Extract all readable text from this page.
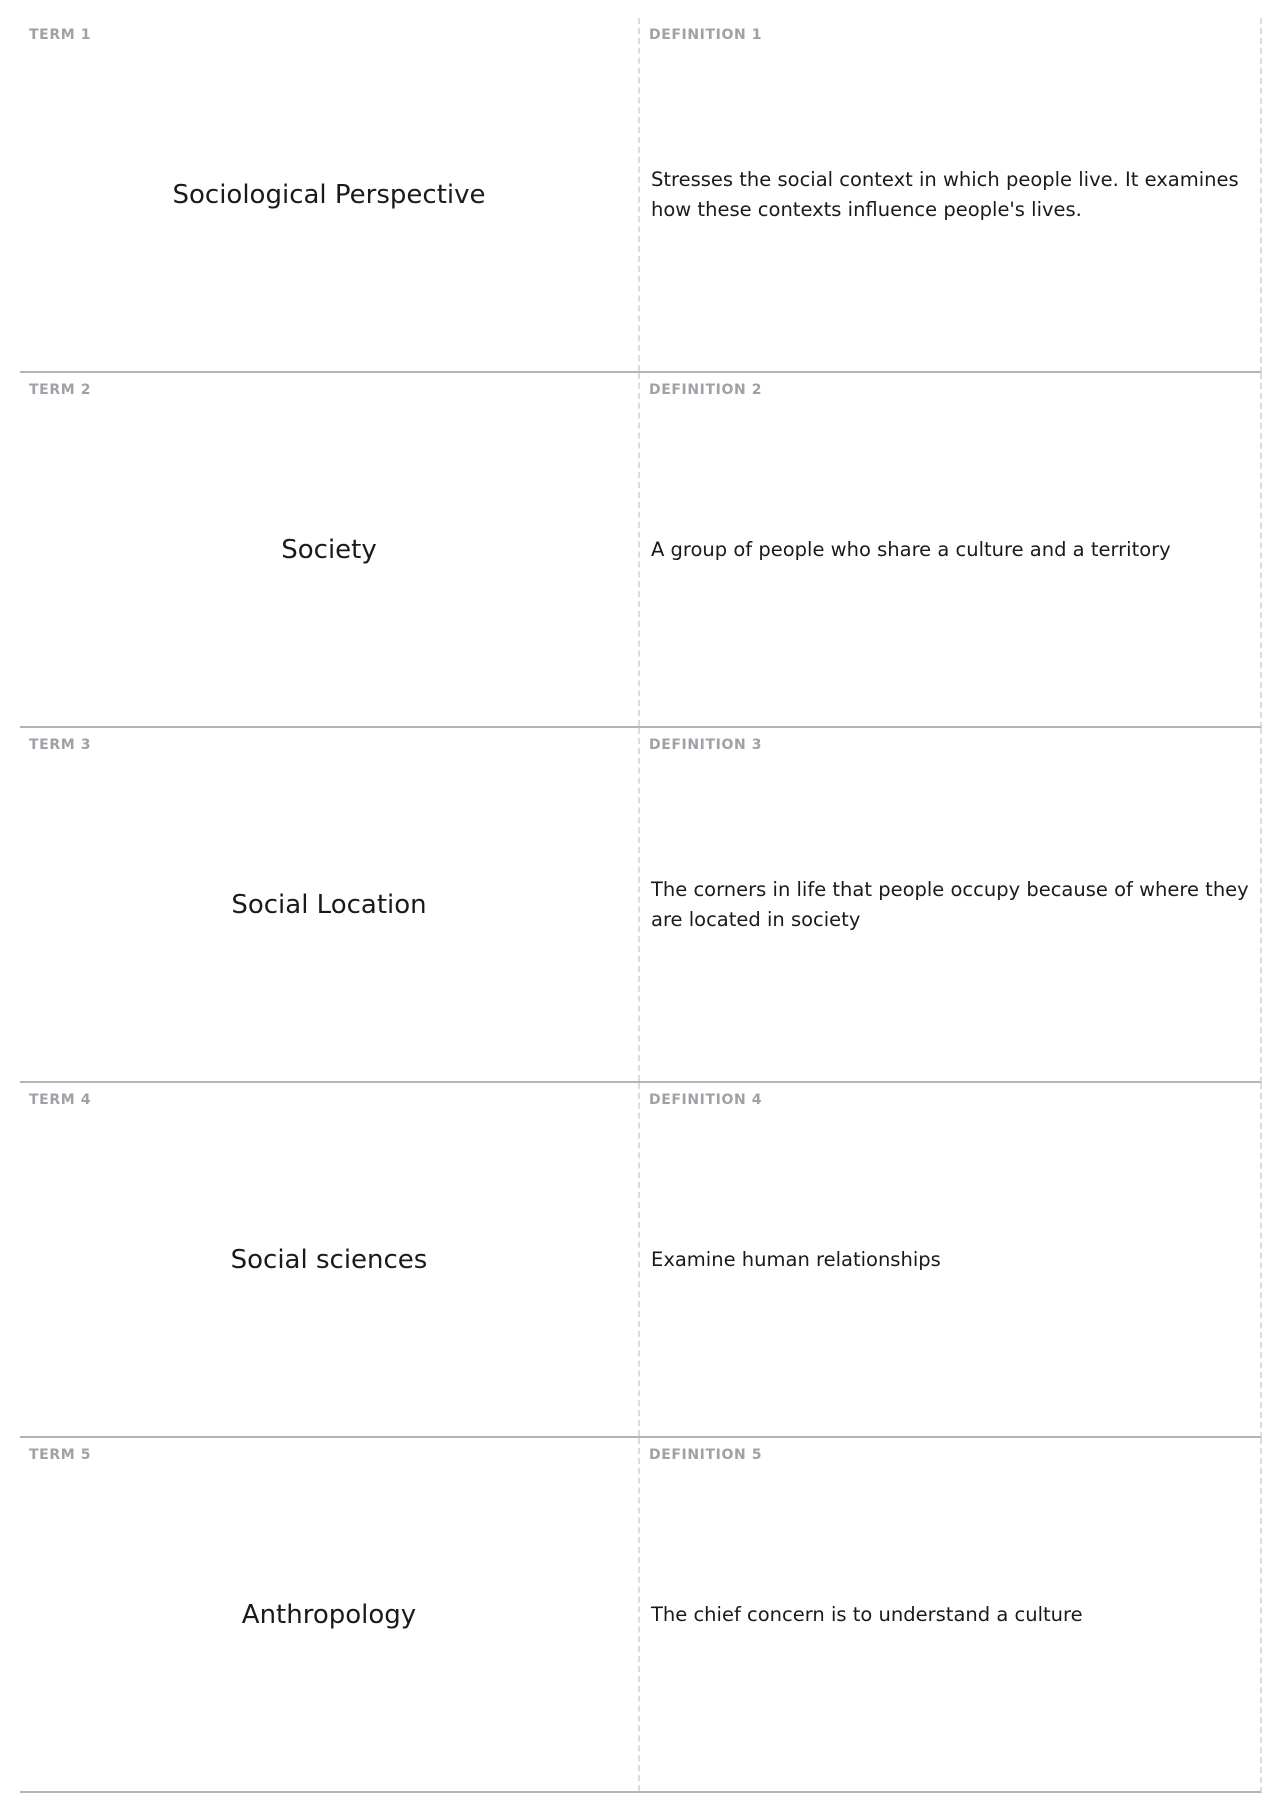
TERM 1
Sociological Perspective
DEFINITION 1
Stresses the social context in which people live. It examines how these contexts influence people's lives.
TERM 2
Society
DEFINITION 2
A group of people who share a culture and a territory
TERM 3
Social Location
DEFINITION 3
The corners in life that people occupy because of where they are located in society
TERM 4
Social sciences
DEFINITION 4
Examine human relationships
TERM 5
Anthropology
DEFINITION 5
The chief concern is to understand a culture
